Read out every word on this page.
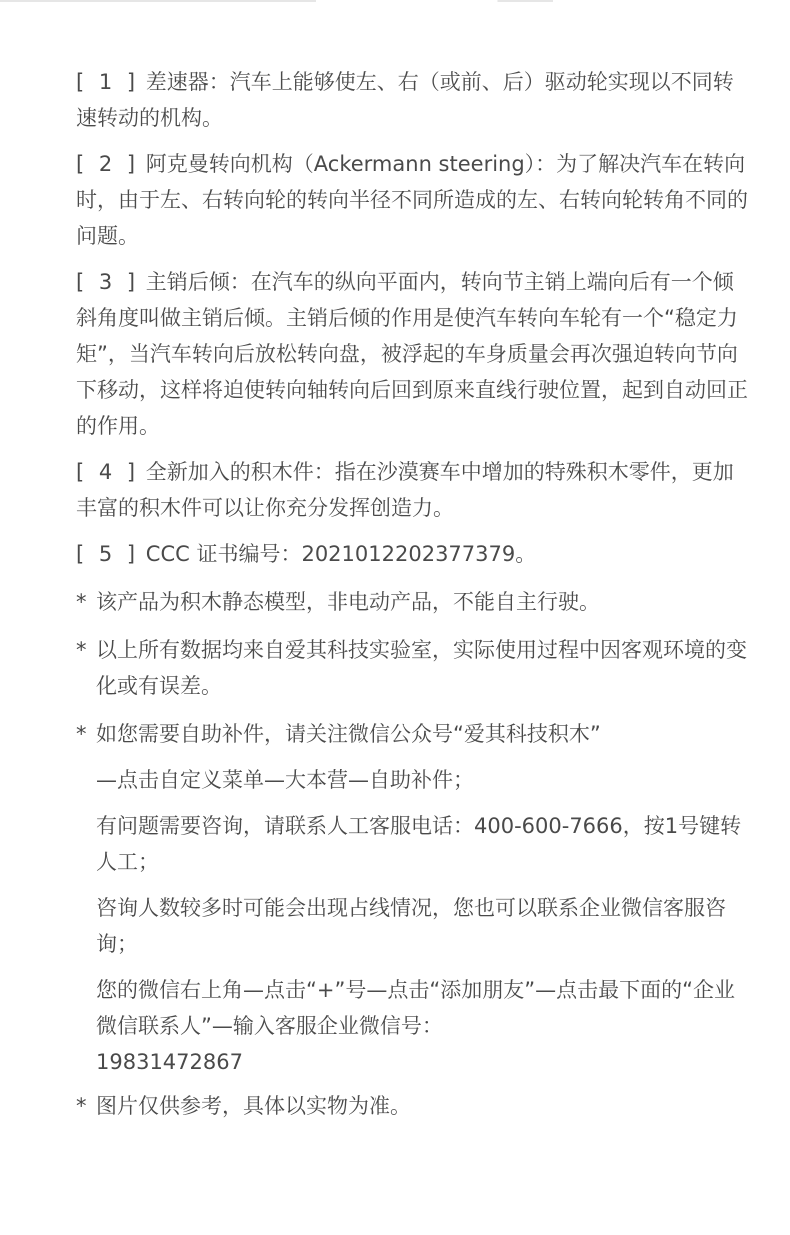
[ 1 ] 差速器：汽车上能够使左、右（或前、后）驱动轮实现以不同转速转动的机构。

[ 2 ] 阿克曼转向机构（Ackermann steering）：为了解决汽车在转向时，由于左、右转向轮的转向半径不同所造成的左、右转向轮转角不同的问题。

[ 3 ] 主销后倾：在汽车的纵向平面内，转向节主销上端向后有一个倾斜角度叫做主销后倾。主销后倾的作用是使汽车转向车轮有一个“稳定力矩”，当汽车转向后放松转向盘，被浮起的车身质量会再次强迫转向节向下移动，这样将迫使转向轴转向后回到原来直线行驶位置，起到自动回正的作用。

[ 4 ] 全新加入的积木件：指在沙漠赛车中增加的特殊积木零件，更加丰富的积木件可以让你充分发挥创造力。

[ 5 ] CCC 证书编号：2021012202377379。

* 该产品为积木静态模型，非电动产品，不能自主行驶。
* 以上所有数据均来自爱其科技实验室，实际使用过程中因客观环境的变化或有误差。
* 如您需要自助补件，请关注微信公众号“爱其科技积木”

—点击自定义菜单—大本营—自助补件；

有问题需要咨询，请联系人工客服电话：400-600-7666，按1号键转人工；

咨询人数较多时可能会出现占线情况，您也可以联系企业微信客服咨询；

您的微信右上角—点击“+”号—点击“添加朋友”—点击最下面的“企业微信联系人”—输入客服企业微信号：
19831472867

* 图片仅供参考，具体以实物为准。
